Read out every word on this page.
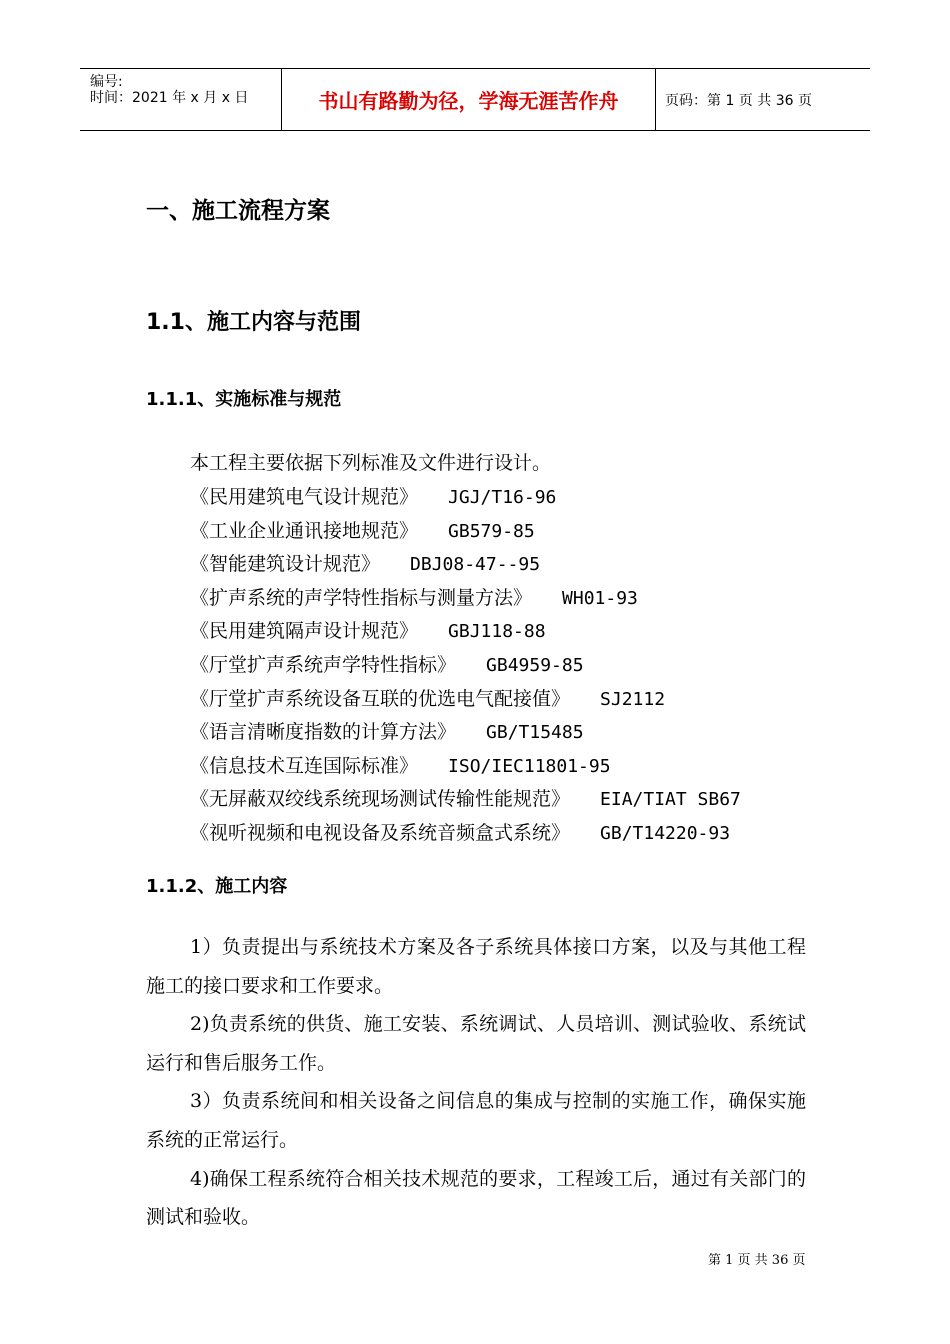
编号:
时间：2021 年 x 月 x 日	书山有路勤为径，学海无涯苦作舟	页码：第 1 页 共 36 页
一、施工流程方案
1.1、施工内容与范围
1.1.1、实施标准与规范
本工程主要依据下列标准及文件进行设计。
《民用建筑电气设计规范》 JGJ/T16-96
《工业企业通讯接地规范》 GB579-85
《智能建筑设计规范》 DBJ08-47--95
《扩声系统的声学特性指标与测量方法》 WH01-93
《民用建筑隔声设计规范》 GBJ118-88
《厅堂扩声系统声学特性指标》 GB4959-85
《厅堂扩声系统设备互联的优选电气配接值》 SJ2112
《语言清晰度指数的计算方法》 GB/T15485
《信息技术互连国际标准》 ISO/IEC11801-95
《无屏蔽双绞线系统现场测试传输性能规范》 EIA/TIAT SB67
《视听视频和电视设备及系统音频盒式系统》 GB/T14220-93
1.1.2、施工内容
1）负责提出与系统技术方案及各子系统具体接口方案，以及与其他工程施工的接口要求和工作要求。
2)负责系统的供货、施工安装、系统调试、人员培训、测试验收、系统试运行和售后服务工作。
3）负责系统间和相关设备之间信息的集成与控制的实施工作，确保实施系统的正常运行。
4)确保工程系统符合相关技术规范的要求，工程竣工后，通过有关部门的测试和验收。
第 1 页 共 36 页
